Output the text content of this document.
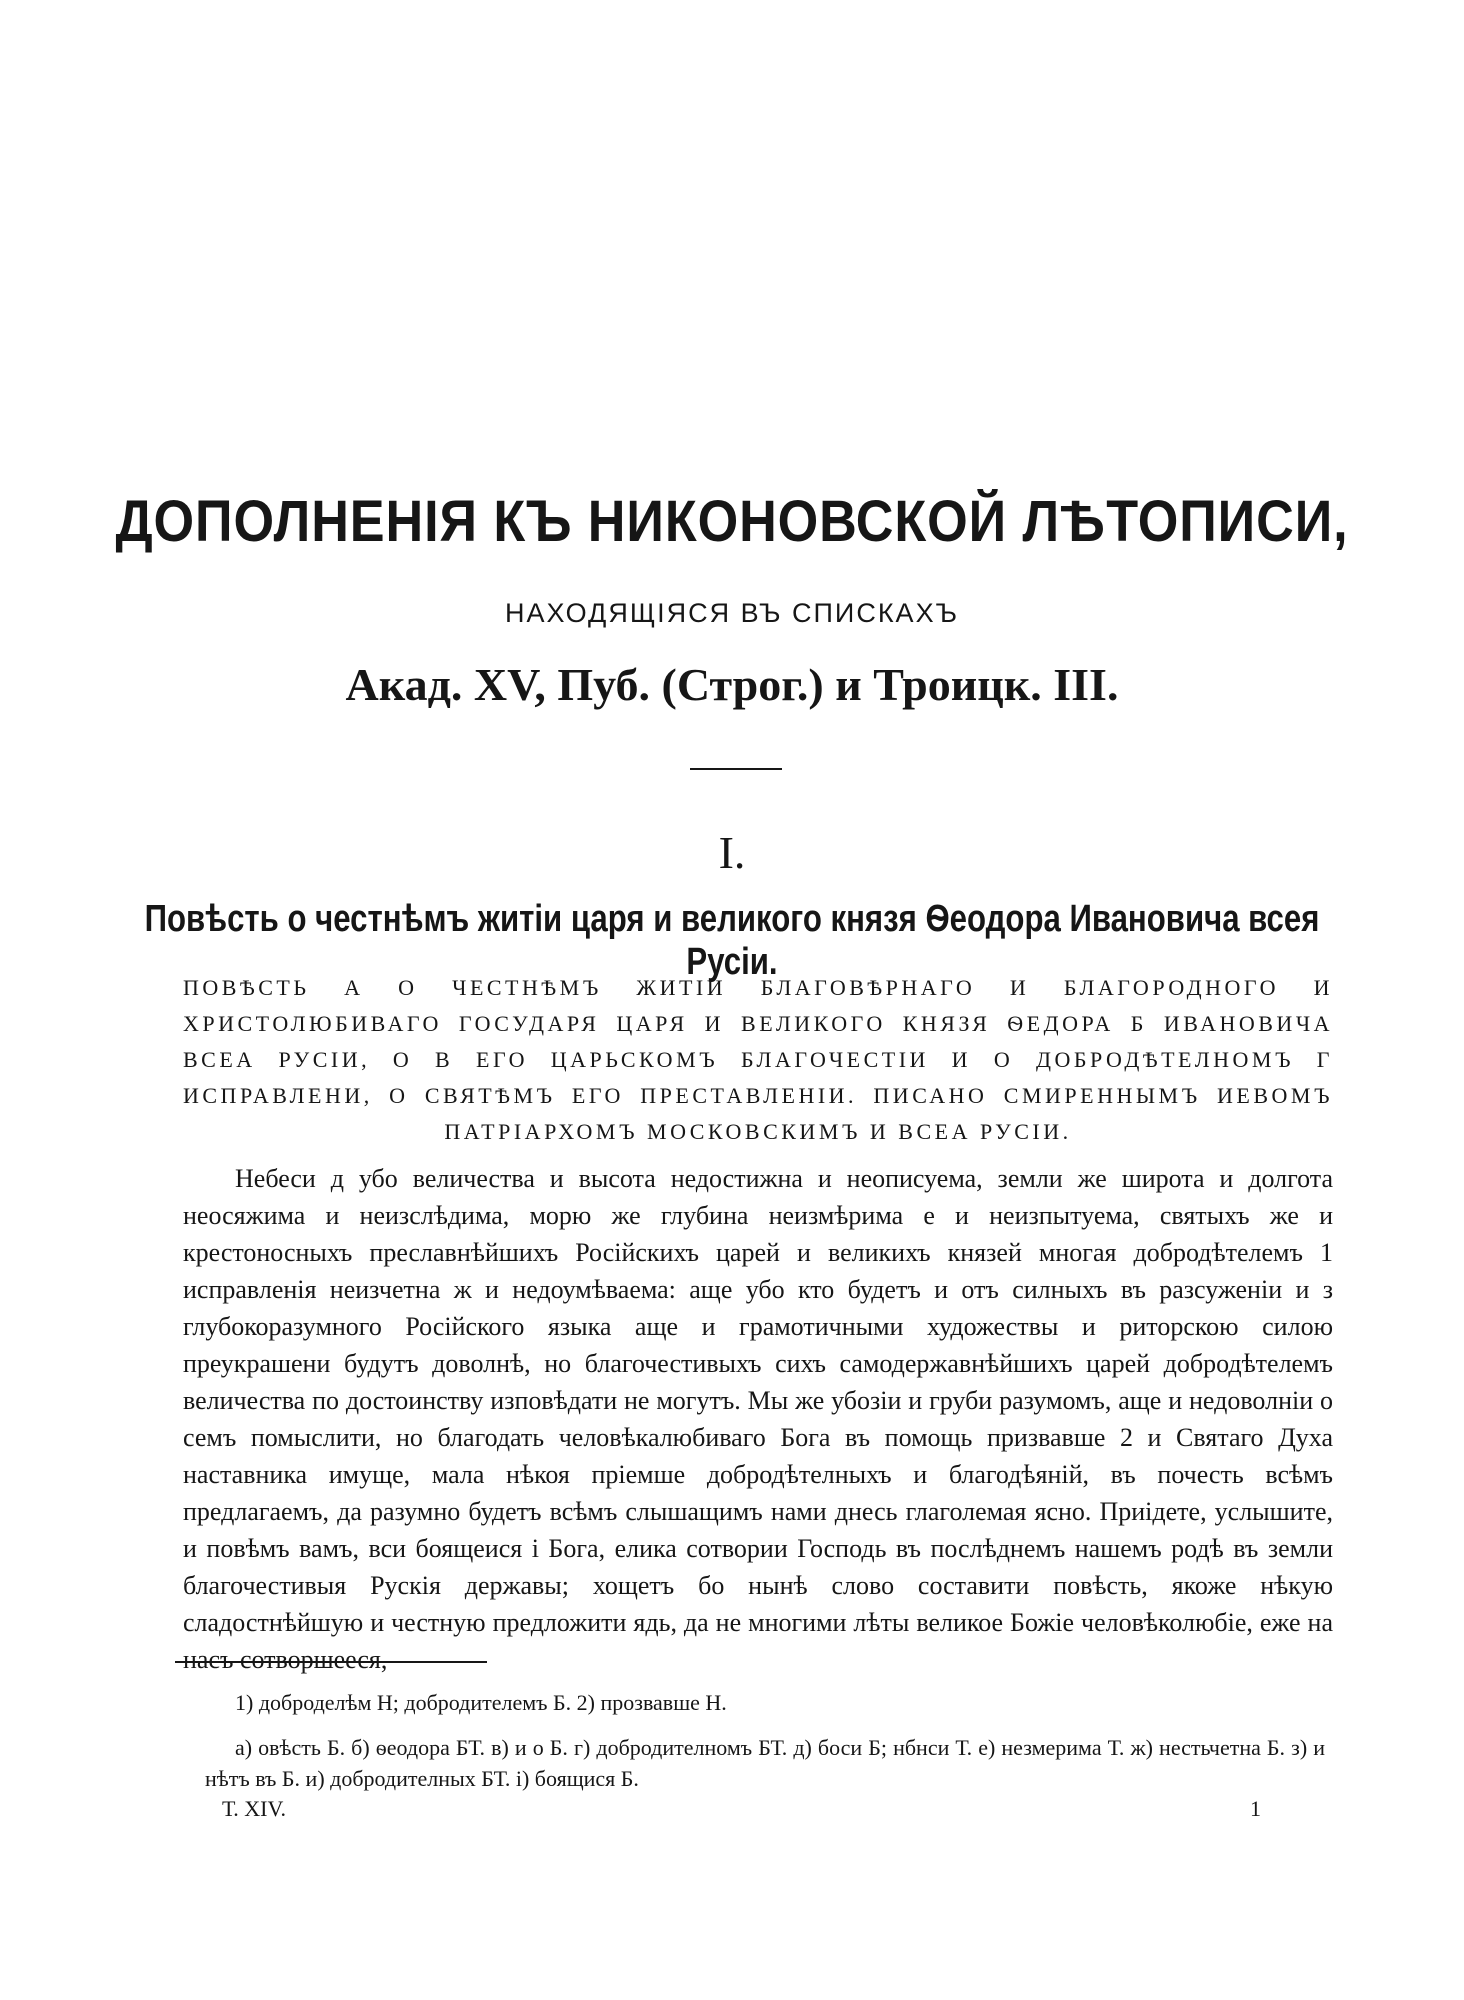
ДОПОЛНЕНІЯ КЪ НИКОНОВСКОЙ ЛѢТОПИСИ,
НАХОДЯЩІЯСЯ ВЪ СПИСКАХЪ
Акад. XV, Пуб. (Строг.) и Троицк. III.
I.
Повѣсть о честнѣмъ житіи царя и великого князя Ѳеодора Ивановича всея Русіи.
ПОВѢСТЬ А О ЧЕСТНѢМЪ ЖИТІИ БЛАГОВѢРНАГО И БЛАГОРОДНОГО И ХРИСТОЛЮБИВАГО ГОСУДАРЯ ЦАРЯ И ВЕЛИКОГО КНЯЗЯ ѲЕДОРА Б ИВАНОВИЧА ВСЕА РУСІИ, О В ЕГО ЦАРЬСКОМЪ БЛАГОЧЕСТІИ И О ДОБРОДѢТЕЛНОМЪ Г ИСПРАВЛЕНИ, О СВЯТѢМЪ ЕГО ПРЕСТАВЛЕНІИ. ПИСАНО СМИРЕННЫМЪ ИЕВОМЪ ПАТРІАРХОМЪ МОСКОВСКИМЪ И ВСЕА РУСІИ.
Небеси д убо величества и высота недостижна и неописуема, земли же широта и долгота неосяжима и неизслѣдима, морю же глубина неизмѣрима е и неизпытуема, святыхъ же и крестоносныхъ преславнѣйшихъ Російскихъ царей и великихъ князей многая добродѣтелемъ 1 исправленія неизчетна ж и недоумѣваема: аще убо кто будетъ и отъ силныхъ въ разсуженіи и з глубокоразумного Російского языка аще и грамотичными художествы и риторскою силою преукрашени будутъ доволнѣ, но благочестивыхъ сихъ самодержавнѣйшихъ царей добродѣтелемъ величества по достоинству изповѣдати не могутъ. Мы же убозіи и груби разумомъ, аще и недоволніи о семъ помыслити, но благодать человѣкалюбиваго Бога въ помощь призвавше 2 и Святаго Духа наставника имуще, мала нѣкоя пріемше добродѣтелныхъ и благодѣяній, въ почесть всѣмъ предлагаемъ, да разумно будетъ всѣмъ слышащимъ нами днесь глаголемая ясно. Приідете, услышите, и повѣмъ вамъ, вси боящеися і Бога, елика сотвории Господь въ послѣднемъ нашемъ родѣ въ земли благочестивыя Рускія державы; хощетъ бо нынѣ слово составити повѣсть, якоже нѣкую сладостнѣйшую и честную предложити ядь, да не многими лѣты великое Божіе человѣколюбіе, еже на насъ сотворшееся,
1) доброделѣм Н; добродителемъ Б. 2) прозвавше Н.
а) овѣсть Б. б) ѳеодора БТ. в) и о Б. г) добродителномъ БТ. д) боси Б; нбнси Т. е) незмерима Т. ж) нестьчетна Б. з) и нѣтъ въ Б. и) добродителных БТ. і) боящися Б.
Т. XIV.	1
